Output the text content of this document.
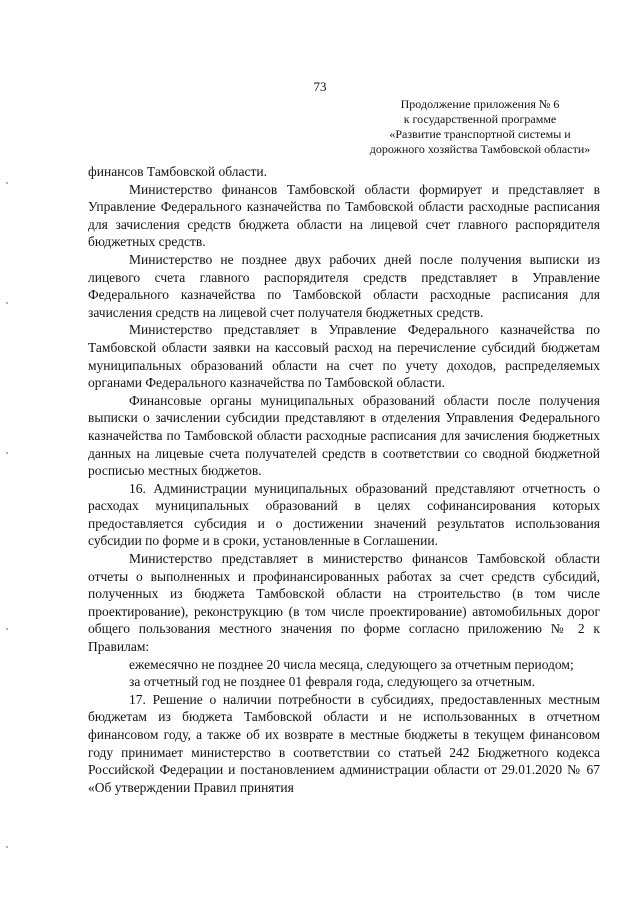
73
Продолжение приложения № 6
к государственной программе
«Развитие транспортной системы и
дорожного хозяйства Тамбовской области»

финансов Тамбовской области.

Министерство финансов Тамбовской области формирует и представляет в Управление Федерального казначейства по Тамбовской области расходные расписания для зачисления средств бюджета области на лицевой счет главного распорядителя бюджетных средств.

Министерство не позднее двух рабочих дней после получения выписки из лицевого счета главного распорядителя средств представляет в Управление Федерального казначейства по Тамбовской области расходные расписания для зачисления средств на лицевой счет получателя бюджетных средств.

Министерство представляет в Управление Федерального казначейства по Тамбовской области заявки на кассовый расход на перечисление субсидий бюджетам муниципальных образований области на счет по учету доходов, распределяемых органами Федерального казначейства по Тамбовской области.

Финансовые органы муниципальных образований области после получения выписки о зачислении субсидии представляют в отделения Управления Федерального казначейства по Тамбовской области расходные расписания для зачисления бюджетных данных на лицевые счета получателей средств в соответствии со сводной бюджетной росписью местных бюджетов.

16. Администрации муниципальных образований представляют отчетность о расходах муниципальных образований в целях софинансирования которых предоставляется субсидия и о достижении значений результатов использования субсидии по форме и в сроки, установленные в Соглашении.

Министерство представляет в министерство финансов Тамбовской области отчеты о выполненных и профинансированных работах за счет средств субсидий, полученных из бюджета Тамбовской области на строительство (в том числе проектирование), реконструкцию (в том числе проектирование) автомобильных дорог общего пользования местного значения по форме согласно приложению № 2 к Правилам:

ежемесячно не позднее 20 числа месяца, следующего за отчетным периодом;

за отчетный год не позднее 01 февраля года, следующего за отчетным.

17. Решение о наличии потребности в субсидиях, предоставленных местным бюджетам из бюджета Тамбовской области и не использованных в отчетном финансовом году, а также об их возврате в местные бюджеты в текущем финансовом году принимает министерство в соответствии со статьей 242 Бюджетного кодекса Российской Федерации и постановлением администрации области от 29.01.2020 № 67 «Об утверждении Правил принятия
